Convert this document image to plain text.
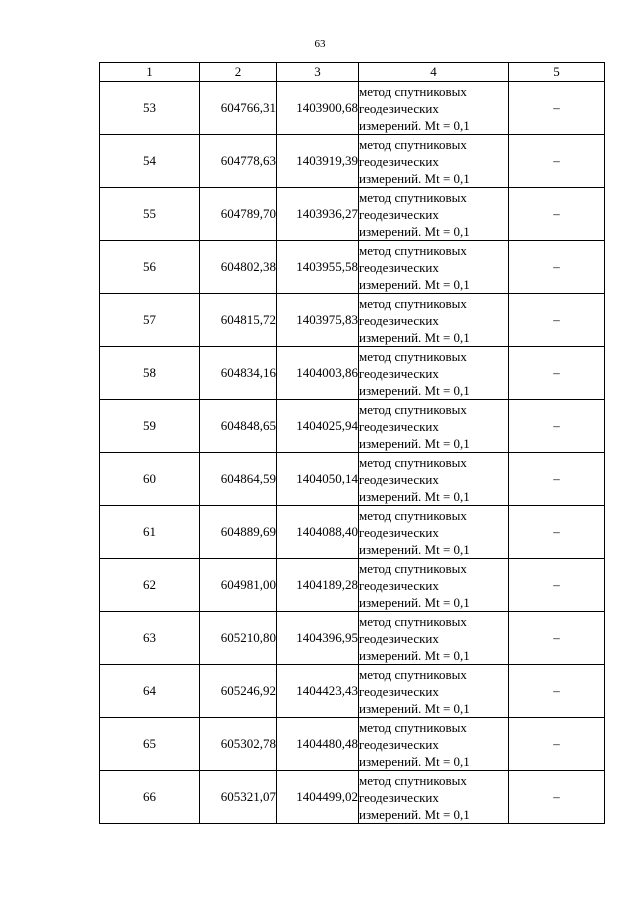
63
1	2	3	4	5
53	604766,31	1403900,68	метод спутниковых
геодезических
измерений. Mt = 0,1	–
54	604778,63	1403919,39	метод спутниковых
геодезических
измерений. Mt = 0,1	–
55	604789,70	1403936,27	метод спутниковых
геодезических
измерений. Mt = 0,1	–
56	604802,38	1403955,58	метод спутниковых
геодезических
измерений. Mt = 0,1	–
57	604815,72	1403975,83	метод спутниковых
геодезических
измерений. Mt = 0,1	–
58	604834,16	1404003,86	метод спутниковых
геодезических
измерений. Mt = 0,1	–
59	604848,65	1404025,94	метод спутниковых
геодезических
измерений. Mt = 0,1	–
60	604864,59	1404050,14	метод спутниковых
геодезических
измерений. Mt = 0,1	–
61	604889,69	1404088,40	метод спутниковых
геодезических
измерений. Mt = 0,1	–
62	604981,00	1404189,28	метод спутниковых
геодезических
измерений. Mt = 0,1	–
63	605210,80	1404396,95	метод спутниковых
геодезических
измерений. Mt = 0,1	–
64	605246,92	1404423,43	метод спутниковых
геодезических
измерений. Mt = 0,1	–
65	605302,78	1404480,48	метод спутниковых
геодезических
измерений. Mt = 0,1	–
66	605321,07	1404499,02	метод спутниковых
геодезических
измерений. Mt = 0,1	–
